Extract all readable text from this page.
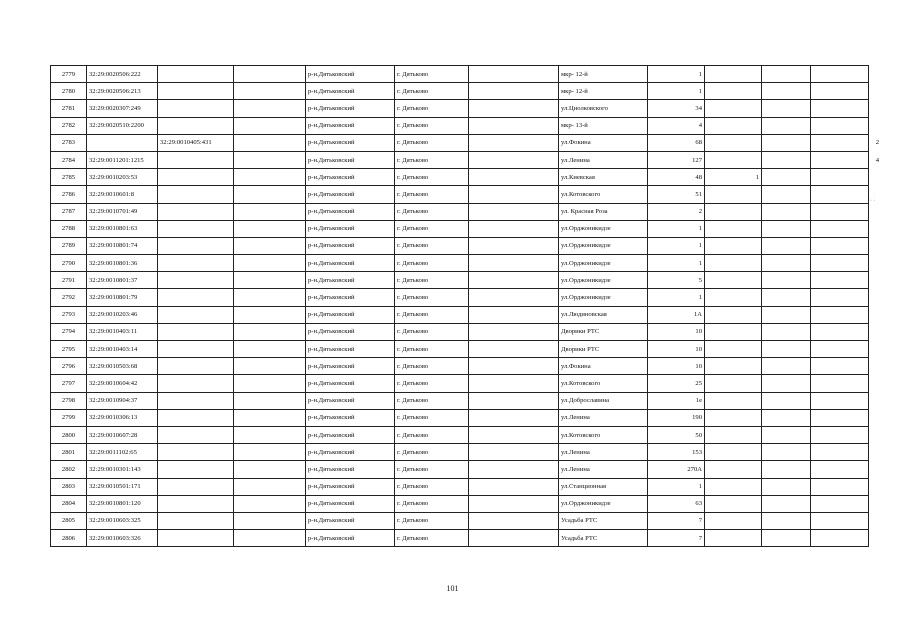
2779	32:29:0020506:222			р-н.Дятьковский	г. Дятьково		мкр- 12-й	1				
2780	32:29:0020506:213			р-н.Дятьковский	г. Дятьково		мкр- 12-й	1				
2781	32:29:0020307:249			р-н.Дятьковский	г. Дятьково		ул.Циолковского	34				
2782	32:29:0020510:2200			р-н.Дятьковский	г. Дятьково		мкр- 13-й	4				
2783		32:29:0010405:431		р-н.Дятьковский	г. Дятьково		ул.Фокина	68				2
2784	32:29:0011201:1215			р-н.Дятьковский	г. Дятьково		ул.Ленина	127				4
2785	32:29:0010203:53			р-н.Дятьковский	г. Дятьково		ул.Киевская	48	1			
2786	32:29:0010601:8			р-н.Дятьковский	г. Дятьково		ул.Котовского	51				
2787	32:29:0010701:49			р-н.Дятьковский	г. Дятьково		ул. Красная Роза	2				
2788	32:29:0010801:63			р-н.Дятьковский	г. Дятьково		ул.Орджоникидзе	1				
2789	32:29:0010801:74			р-н.Дятьковский	г. Дятьково		ул.Орджоникидзе	1				
2790	32:29:0010801:36			р-н.Дятьковский	г. Дятьково		ул.Орджоникидзе	1				
2791	32:29:0010801:37			р-н.Дятьковский	г. Дятьково		ул.Орджоникидзе	5				
2792	32:29:0010801:79			р-н.Дятьковский	г. Дятьково		ул.Орджоникидзе	1				
2793	32:29:0010203:46			р-н.Дятьковский	г. Дятьково		ул.Людиновская	1А				
2794	32:29:0010403:11			р-н.Дятьковский	г. Дятьково		Дворики РТС	10				
2795	32:29:0010403:14			р-н.Дятьковский	г. Дятьково		Дворики РТС	10				
2796	32:29:0010503:68			р-н.Дятьковский	г. Дятьково		ул.Фокина	10				
2797	32:29:0010604:42			р-н.Дятьковский	г. Дятьково		ул.Котовского	25				
2798	32:29:0010904:37			р-н.Дятьковский	г. Дятьково		ул.Доброславина	1е				
2799	32:29:0010306:13			р-н.Дятьковский	г. Дятьково		ул.Ленина	190				
2800	32:29:0010607:28			р-н.Дятьковский	г. Дятьково		ул.Котовского	50				
2801	32:29:0011102:65			р-н.Дятьковский	г. Дятьково		ул.Ленина	153				
2802	32:29:0010301:143			р-н.Дятьковский	г. Дятьково		ул.Ленина	270А				
2803	32:29:0010501:171			р-н.Дятьковский	г. Дятьково		ул.Станционная	1				
2804	32:29:0010801:120			р-н.Дятьковский	г. Дятьково		ул.Орджоникидзе	63				
2805	32:29:0010603:325			р-н.Дятьковский	г. Дятьково		Усадьба РТС	7				
2806	32:29:0010603:326			р-н.Дятьковский	г. Дятьково		Усадьба РТС	7				
101
· ·
